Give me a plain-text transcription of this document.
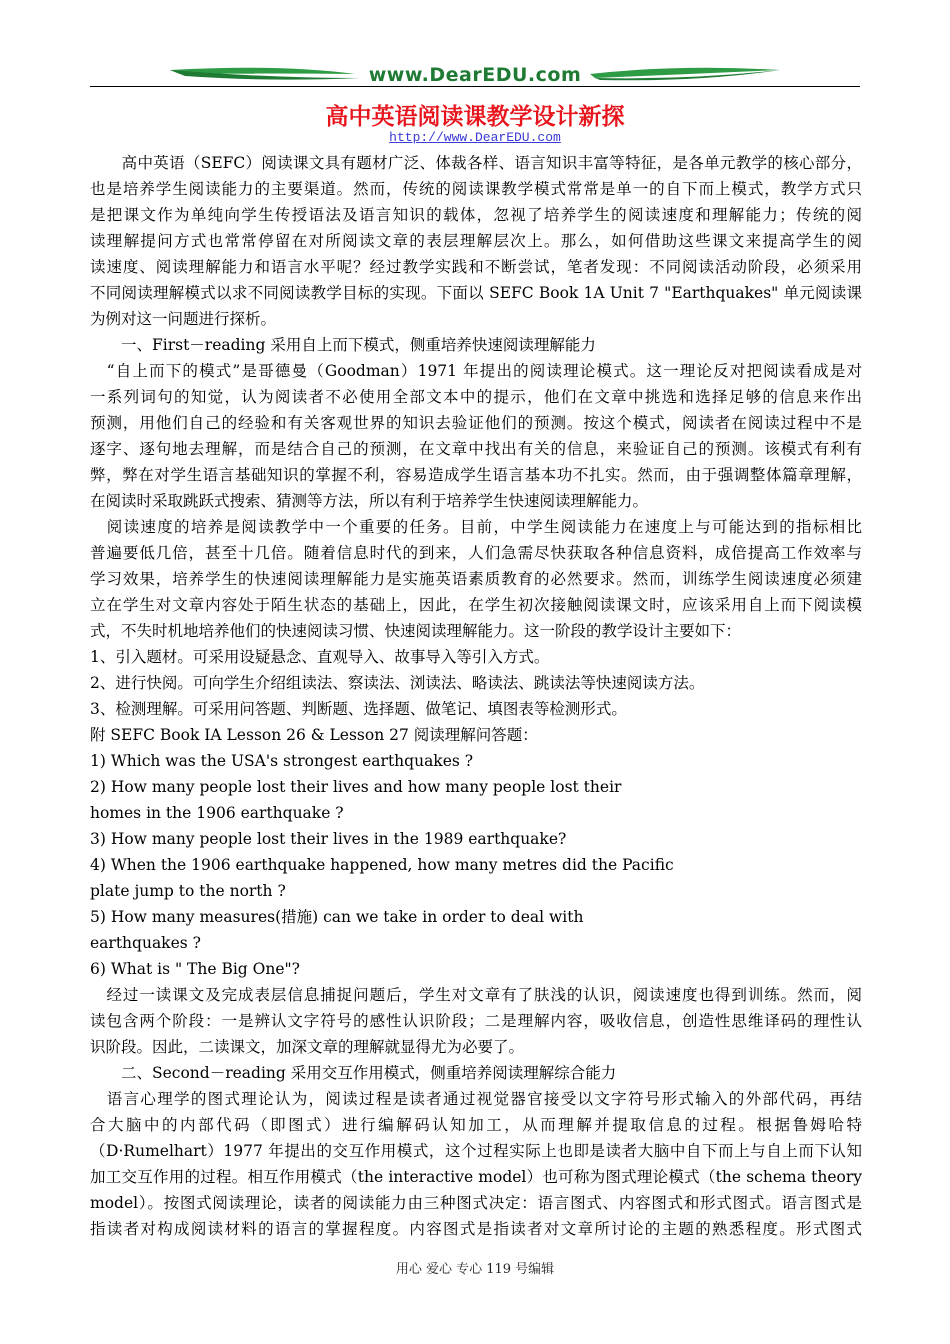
www.DearEDU.com
高中英语阅读课教学设计新探
http://www.DearEDU.com
　　高中英语（SEFC）阅读课文具有题材广泛、体裁各样、语言知识丰富等特征，是各单元教学的核心部分，
也是培养学生阅读能力的主要渠道。然而，传统的阅读课教学模式常常是单一的自下而上模式，教学方式只
是把课文作为单纯向学生传授语法及语言知识的载体，忽视了培养学生的阅读速度和理解能力；传统的阅
读理解提问方式也常常停留在对所阅读文章的表层理解层次上。那么，如何借助这些课文来提高学生的阅
读速度、阅读理解能力和语言水平呢？经过教学实践和不断尝试，笔者发现：不同阅读活动阶段，必须采用
不同阅读理解模式以求不同阅读教学目标的实现。下面以 SEFC Book 1A Unit 7 "Earthquakes" 单元阅读课
为例对这一问题进行探析。
　　一、First－reading 采用自上而下模式，侧重培养快速阅读理解能力
　“自上而下的模式”是哥德曼（Goodman）1971 年提出的阅读理论模式。这一理论反对把阅读看成是对
一系列词句的知觉，认为阅读者不必使用全部文本中的提示，他们在文章中挑选和选择足够的信息来作出
预测，用他们自己的经验和有关客观世界的知识去验证他们的预测。按这个模式，阅读者在阅读过程中不是
逐字、逐句地去理解，而是结合自己的预测，在文章中找出有关的信息，来验证自己的预测。该模式有利有
弊，弊在对学生语言基础知识的掌握不利，容易造成学生语言基本功不扎实。然而，由于强调整体篇章理解，
在阅读时采取跳跃式搜索、猜测等方法，所以有利于培养学生快速阅读理解能力。
　阅读速度的培养是阅读教学中一个重要的任务。目前，中学生阅读能力在速度上与可能达到的指标相比
普遍要低几倍，甚至十几倍。随着信息时代的到来，人们急需尽快获取各种信息资料，成倍提高工作效率与
学习效果，培养学生的快速阅读理解能力是实施英语素质教育的必然要求。然而，训练学生阅读速度必须建
立在学生对文章内容处于陌生状态的基础上，因此，在学生初次接触阅读课文时，应该采用自上而下阅读模
式，不失时机地培养他们的快速阅读习惯、快速阅读理解能力。这一阶段的教学设计主要如下：
1、引入题材。可采用设疑悬念、直观导入、故事导入等引入方式。
2、进行快阅。可向学生介绍组读法、察读法、浏读法、略读法、跳读法等快速阅读方法。
3、检测理解。可采用问答题、判断题、选择题、做笔记、填图表等检测形式。
附 SEFC Book IA Lesson 26 & Lesson 27 阅读理解问答题：
1) Which was the USA's strongest earthquakes ?
2) How many people lost their lives and how many people lost their
homes in the 1906 earthquake ?
3) How many people lost their lives in the 1989 earthquake?
4) When the 1906 earthquake happened, how many metres did the Pacific
plate jump to the north ?
5) How many measures(措施) can we take in order to deal with
earthquakes ?
6) What is " The Big One"?
　经过一读课文及完成表层信息捕捉问题后，学生对文章有了肤浅的认识，阅读速度也得到训练。然而，阅
读包含两个阶段：一是辨认文字符号的感性认识阶段；二是理解内容，吸收信息，创造性思维译码的理性认
识阶段。因此，二读课文，加深文章的理解就显得尤为必要了。
　　二、Second－reading 采用交互作用模式，侧重培养阅读理解综合能力
　语言心理学的图式理论认为，阅读过程是读者通过视觉器官接受以文字符号形式输入的外部代码，再结
合大脑中的内部代码（即图式）进行编解码认知加工，从而理解并提取信息的过程。根据鲁姆哈特
（D·Rumelhart）1977 年提出的交互作用模式，这个过程实际上也即是读者大脑中自下而上与自上而下认知
加工交互作用的过程。相互作用模式（the interactive model）也可称为图式理论模式（the schema theory
model）。按图式阅读理论，读者的阅读能力由三种图式决定：语言图式、内容图式和形式图式。语言图式是
指读者对构成阅读材料的语言的掌握程度。内容图式是指读者对文章所讨论的主题的熟悉程度。形式图式
用心 爱心 专心 119 号编辑
